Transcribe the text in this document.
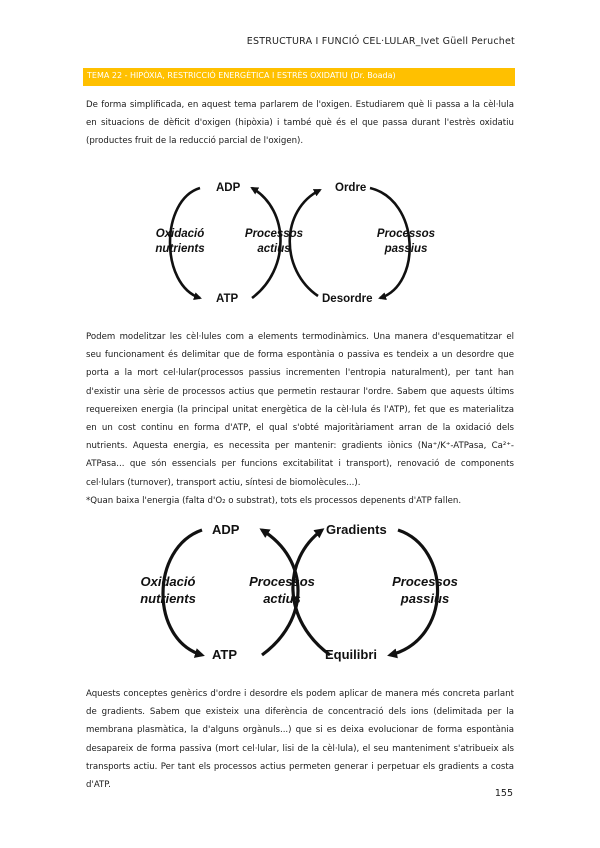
ESTRUCTURA I FUNCIÓ CEL·LULAR_Ivet Güell Peruchet
TEMA 22 - HIPÒXIA, RESTRICCIÓ ENERGÈTICA I ESTRÈS OXIDATIU (Dr. Boada)

De forma simplificada, en aquest tema parlarem de l'oxigen. Estudiarem què li passa a la cèl·lula en situacions de dèficit d'oxigen (hipòxia) i també què és el que passa durant l'estrès oxidatiu (productes fruit de la reducció parcial de l'oxigen).

ADP	Ordre
ATP	Desordre
Oxidació
nutrients
Processos
actius
Processos
passius

Podem modelitzar les cèl·lules com a elements termodinàmics. Una manera d'esquematitzar el seu funcionament és delimitar que de forma espontània o passiva es tendeix a un desordre que porta a la mort cel·lular(processos passius incrementen l'entropia naturalment), per tant han d'existir una sèrie de processos actius que permetin restaurar l'ordre. Sabem que aquests últims requereixen energia (la principal unitat energètica de la cèl·lula és l'ATP), fet que es materialitza en un cost continu en forma d'ATP, el qual s'obté majoritàriament arran de la oxidació dels nutrients. Aquesta energia, es necessita per mantenir: gradients iònics (Na⁺/K⁺-ATPasa, Ca²⁺-ATPasa... que són essencials per funcions excitabilitat i transport), renovació de components cel·lulars (turnover), transport actiu, síntesi de biomolècules...).

*Quan baixa l'energia (falta d'O₂ o substrat), tots els processos depenents d'ATP fallen.

ADP	Gradients
ATP	Equilibri
Oxidació
nutrients
Processos
actius
Processos
passius

Aquests conceptes genèrics d'ordre i desordre els podem aplicar de manera més concreta parlant de gradients. Sabem que existeix una diferència de concentració dels ions (delimitada per la membrana plasmàtica, la d'alguns orgànuls...) que si es deixa evolucionar de forma espontània desapareix de forma passiva (mort cel·lular, lisi de la cèl·lula), el seu manteniment s'atribueix als transports actiu. Per tant els processos actius permeten generar i perpetuar els gradients a costa d'ATP.

155
